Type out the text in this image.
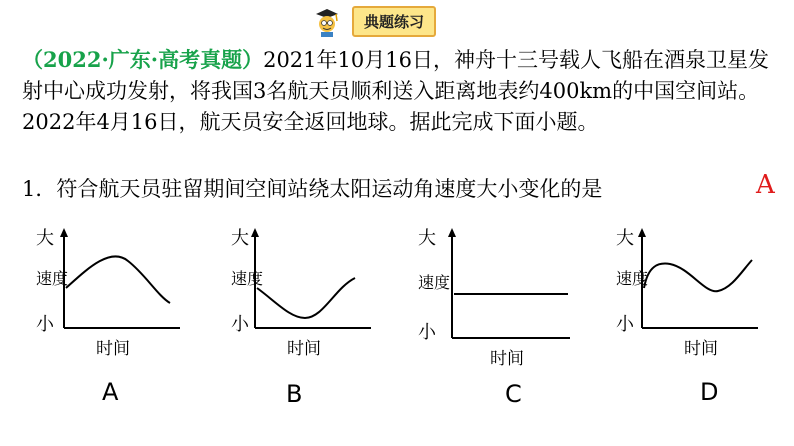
典题练习
（2022·广东·高考真题）2021年10月16日，神舟十三号载人飞船在酒泉卫星发射中心成功发射，将我国3名航天员顺利送入距离地表约400km的中国空间站。2022年4月16日，航天员安全返回地球。据此完成下面小题。
1．符合航天员驻留期间空间站绕太阳运动角速度大小变化的是	A
大
速度
小
时间
大
速度
小
时间
大
速度
小
时间
大
速度
小
时间
A	B	C	D
